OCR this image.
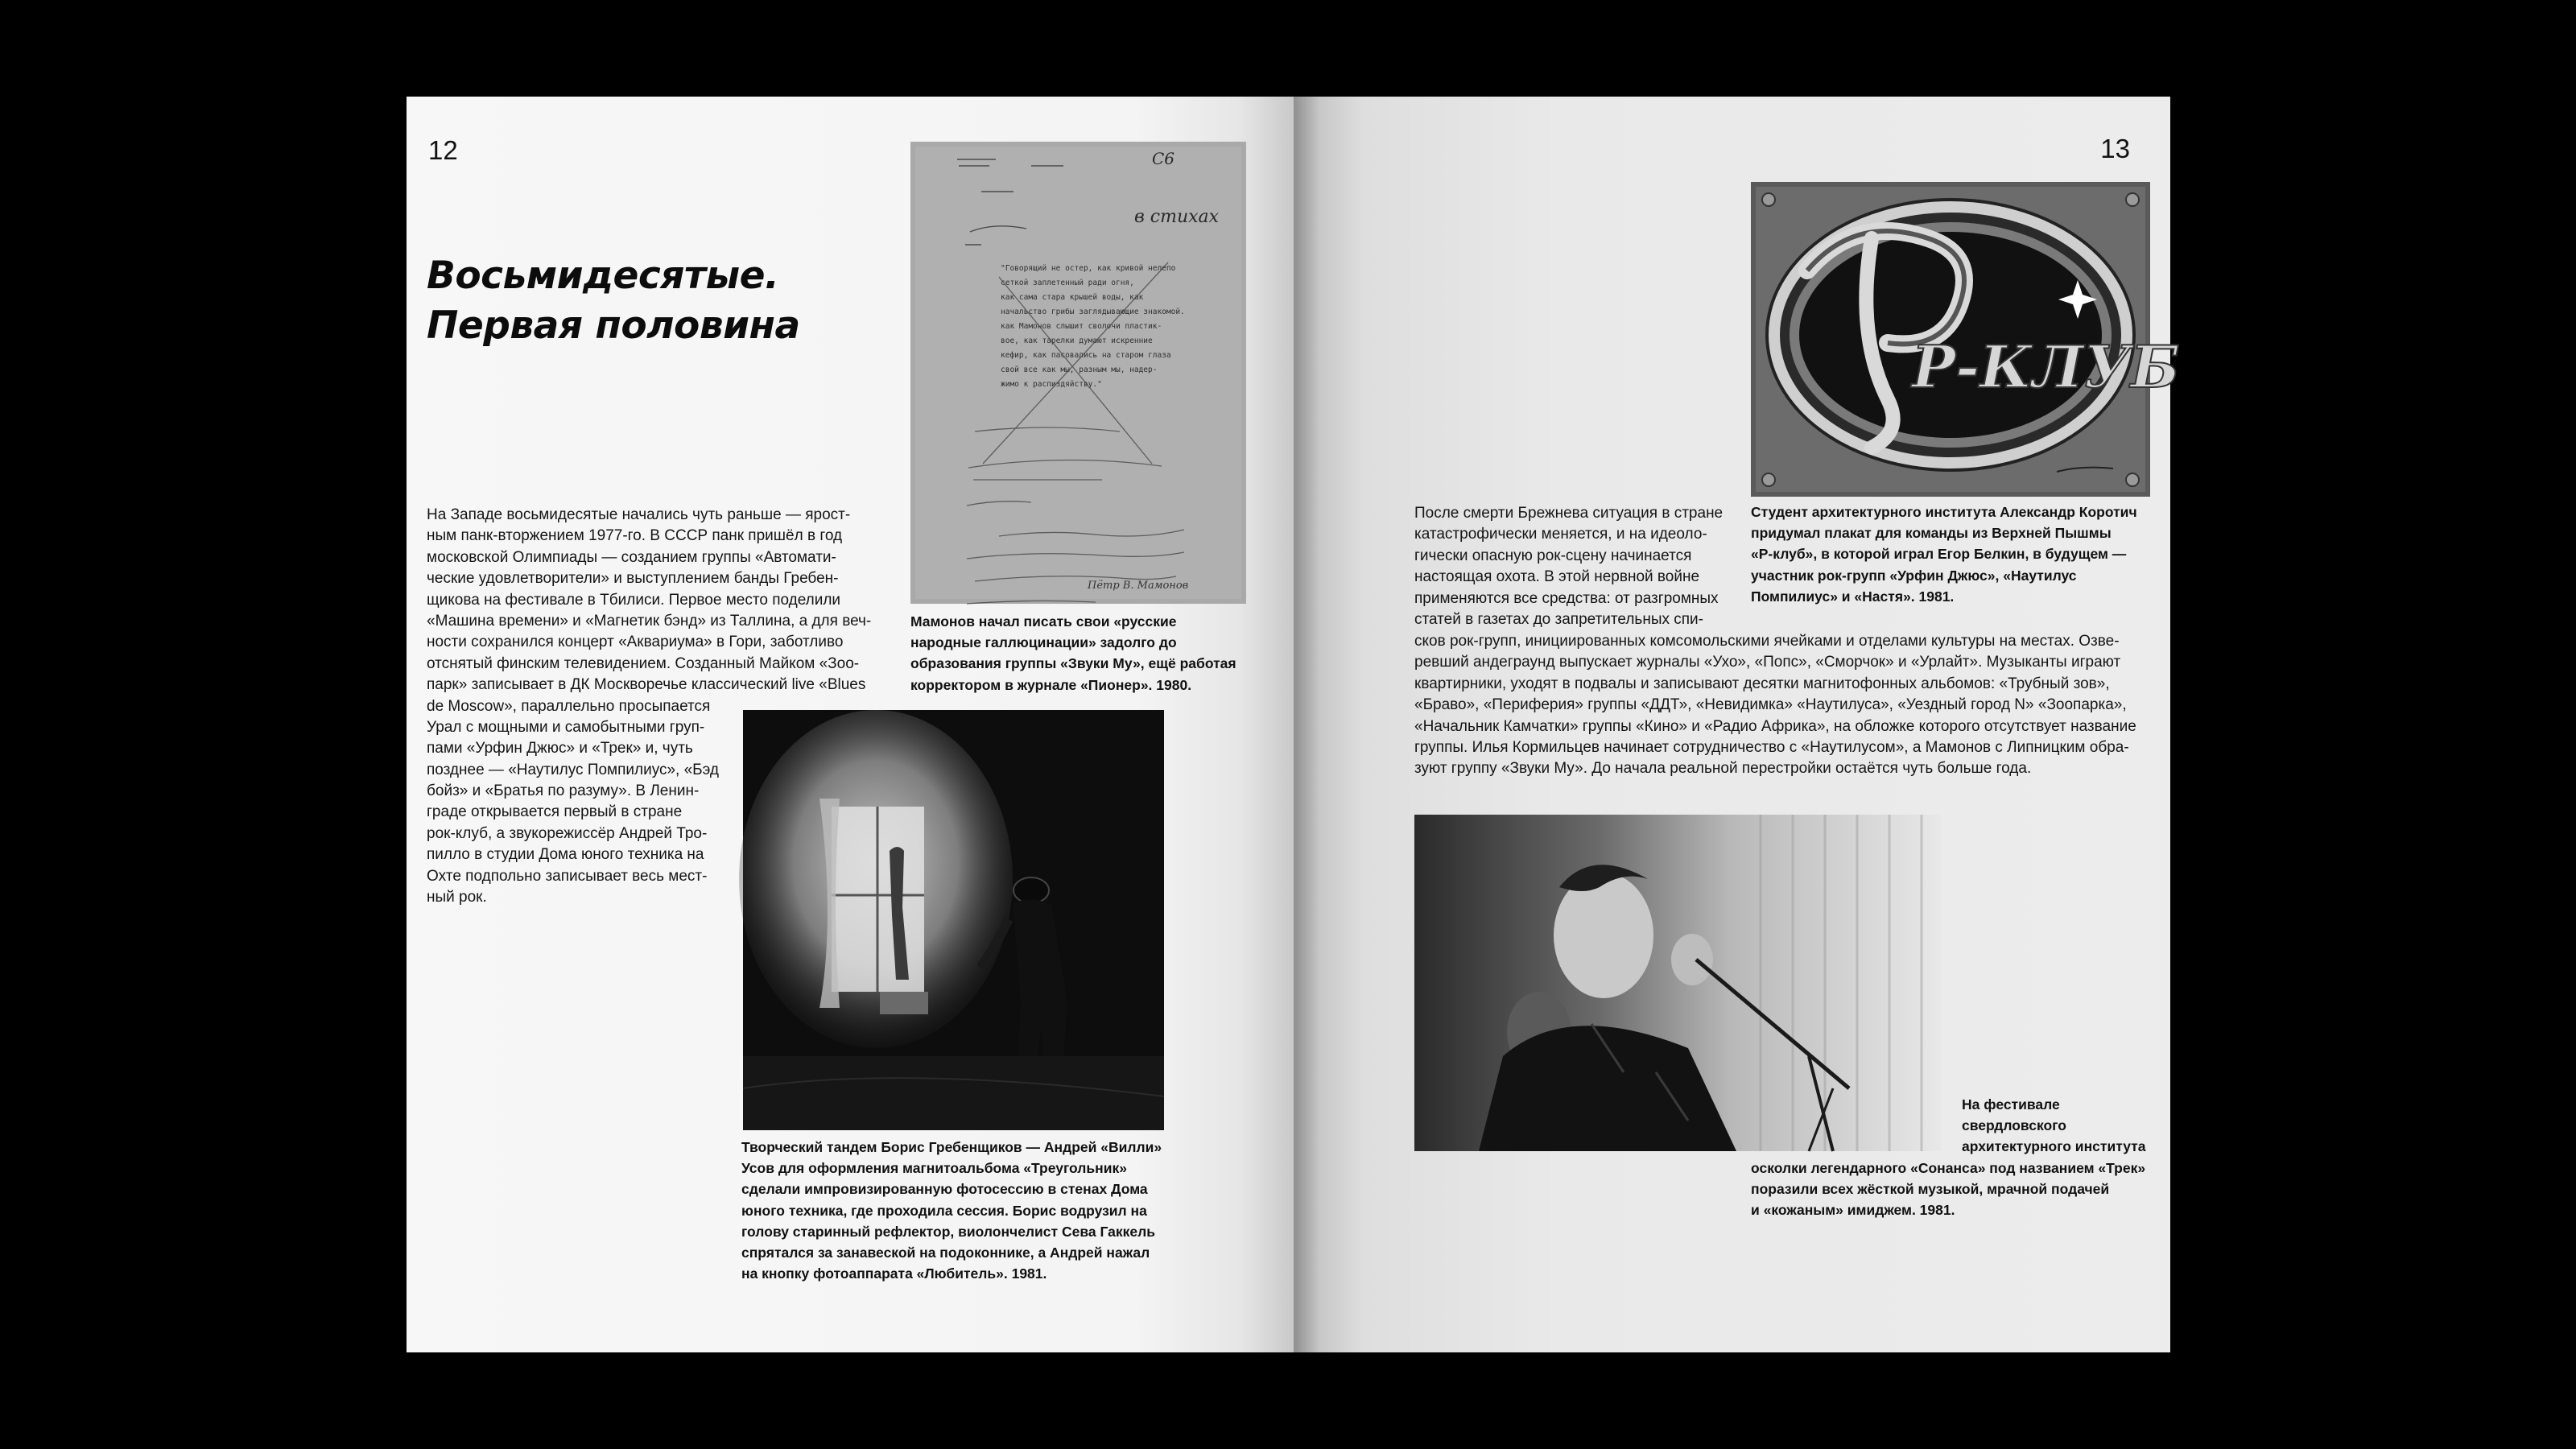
12
Восьмидесятые.
Первая половина
На Западе восьмидесятые начались чуть раньше — ярост-
ным панк-вторжением 1977-го. В СССР панк пришёл в год
московской Олимпиады — созданием группы «Автомати-
ческие удовлетворители» и выступлением банды Гребен-
щикова на фестивале в Тбилиси. Первое место поделили
«Машина времени» и «Магнетик бэнд» из Таллина, а для веч-
ности сохранился концерт «Аквариума» в Гори, заботливо
отснятый финским телевидением. Созданный Майком «Зоо-
парк» записывает в ДК Москворечье классический live «Blues
de Moscow», параллельно просыпается
Урал с мощными и самобытными груп-
пами «Урфин Джюс» и «Трек» и, чуть
позднее — «Наутилус Помпилиус», «Бэд
бойз» и «Братья по разуму». В Ленин-
граде открывается первый в стране
рок-клуб, а звукорежиссёр Андрей Тро-
пилло в студии Дома юного техника на
Охте подпольно записывает весь мест-
ный рок.
13
После смерти Брежнева ситуация в стране
катастрофически меняется, и на идеоло-
гически опасную рок-сцену начинается
настоящая охота. В этой нервной войне
применяются все средства: от разгромных
статей в газетах до запретительных спи-
сков рок-групп, инициированных комсомольскими ячейками и отделами культуры на местах. Озве-
ревший андеграунд выпускает журналы «Ухо», «Попс», «Сморчок» и «Урлайт». Музыканты играют
квартирники, уходят в подвалы и записывают десятки магнитофонных альбомов: «Трубный зов»,
«Браво», «Периферия» группы «ДДТ», «Невидимка» «Наутилуса», «Уездный город N» «Зоопарка»,
«Начальник Камчатки» группы «Кино» и «Радио Африка», на обложке которого отсутствует название
группы. Илья Кормильцев начинает сотрудничество с «Наутилусом», а Мамонов с Липницким обра-
зуют группу «Звуки Му». До начала реальной перестройки остаётся чуть больше года.
Студент архитектурного института Александр Коротич
придумал плакат для команды из Верхней Пышмы
«Р-клуб», в которой играл Егор Белкин, в будущем —
участник рок-групп «Урфин Джюс», «Наутилус
Помпилиус» и «Настя». 1981.
С6
в стихах
"Говорящий не остер, как кривой нелепо
сеткой заплетенный ради огня,
как сама стара крышей воды, как
начальство грибы заглядывающие знакомой.
как Мамонов слышит сволочи пластик-
вое, как тарелки думают искренние
кефир, как пасовались на старом глаза
свой все как мы, разным мы, надер-
жимо к распиздяйству."
Пётр В. Мамонов
Мамонов начал писать свои «русские
народные галлюцинации» задолго до
образования группы «Звуки Му», ещё работая
корректором в журнале «Пионер». 1980.
Творческий тандем Борис Гребенщиков — Андрей «Вилли»
Усов для оформления магнитоальбома «Треугольник»
сделали импровизированную фотосессию в стенах Дома
юного техника, где проходила сессия. Борис водрузил на
голову старинный рефлектор, виолончелист Сева Гаккель
спрятался за занавеской на подоконнике, а Андрей нажал
на кнопку фотоаппарата «Любитель». 1981.
Р-КЛУБ
На фестивале
свердловского
архитектурного института
осколки легендарного «Сонанса» под названием «Трек»
поразили всех жёсткой музыкой, мрачной подачей
и «кожаным» имиджем. 1981.
